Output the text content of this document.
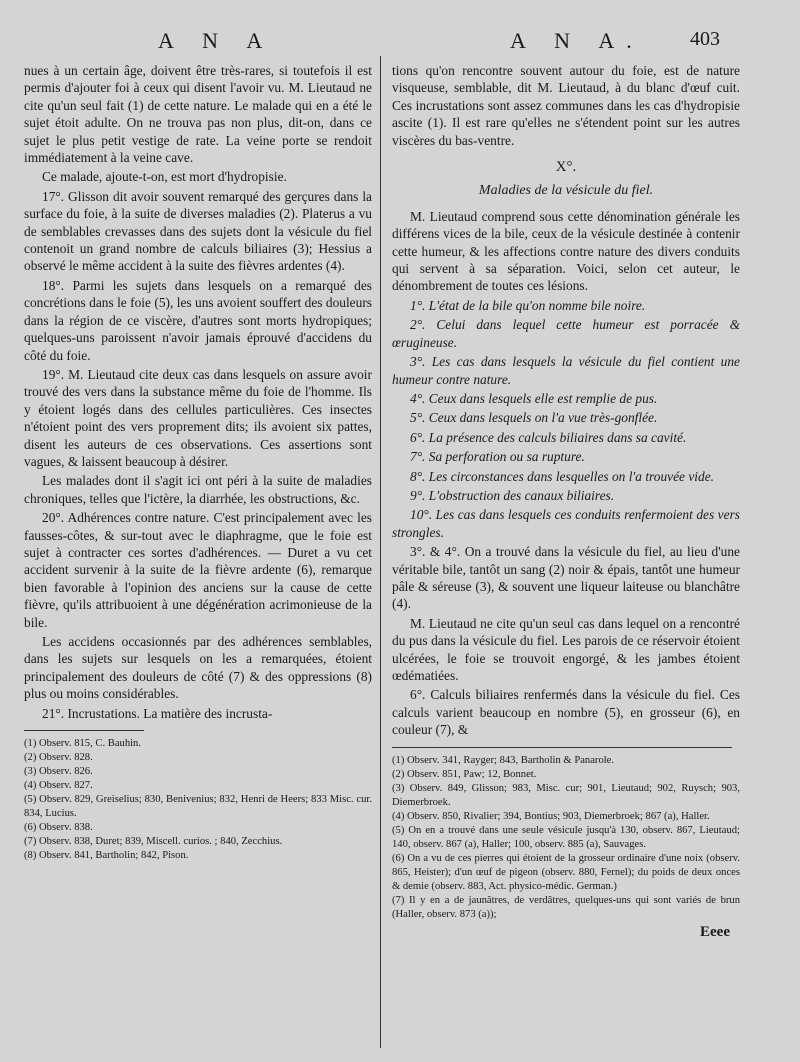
A N A	A N A. 403

nues à un certain âge, doivent être très-rares, si toutefois il est permis d'ajouter foi à ceux qui disent l'avoir vu. M. Lieutaud ne cite qu'un seul fait (1) de cette nature. Le malade qui en a été le sujet étoit adulte. On ne trouva pas non plus, dit-on, dans ce sujet le plus petit vestige de rate. La veine porte se rendoit immédiatement à la veine cave.

Ce malade, ajoute-t-on, est mort d'hydropisie.

17°. Glisson dit avoir souvent remarqué des gerçures dans la surface du foie, à la suite de diverses maladies (2). Platerus a vu de semblables crevasses dans des sujets dont la vésicule du fiel contenoit un grand nombre de calculs biliaires (3); Hessius a observé le même accident à la suite des fièvres ardentes (4).

18°. Parmi les sujets dans lesquels on a remarqué des concrétions dans le foie (5), les uns avoient souffert des douleurs dans la région de ce viscère, d'autres sont morts hydropiques; quelques-uns paroissent n'avoir jamais éprouvé d'accidens du côté du foie.

19°. M. Lieutaud cite deux cas dans lesquels on assure avoir trouvé des vers dans la substance même du foie de l'homme. Ils y étoient logés dans des cellules particulières. Ces insectes n'étoient point des vers proprement dits; ils avoient six pattes, disent les auteurs de ces observations. Ces assertions sont vagues, & laissent beaucoup à désirer.

Les malades dont il s'agit ici ont péri à la suite de maladies chroniques, telles que l'ictère, la diarrhée, les obstructions, &c.

20°. Adhérences contre nature. C'est principalement avec les fausses-côtes, & sur-tout avec le diaphragme, que le foie est sujet à contracter ces sortes d'adhérences. — Duret a vu cet accident survenir à la suite de la fièvre ardente (6), remarque bien favorable à l'opinion des anciens sur la cause de cette fièvre, qu'ils attribuoient à une dégénération acrimonieuse de la bile.

Les accidens occasionnés par des adhérences semblables, dans les sujets sur lesquels on les a remarquées, étoient principalement des douleurs de côté (7) & des oppressions (8) plus ou moins considérables.

21°. Incrustations. La matière des incrusta-

(1) Observ. 815, C. Bauhin.

(2) Observ. 828.

(3) Observ. 826.

(4) Observ. 827.

(5) Observ. 829, Greiselius; 830, Benivenius; 832, Henri de Heers; 833 Misc. cur. 834, Lucius.

(6) Observ. 838.

(7) Observ. 838, Duret; 839, Miscell. curios. ; 840, Zecchius.

(8) Observ. 841, Bartholin; 842, Pison.

tions qu'on rencontre souvent autour du foie, est de nature visqueuse, semblable, dit M. Lieutaud, à du blanc d'œuf cuit. Ces incrustations sont assez communes dans les cas d'hydropisie ascite (1). Il est rare qu'elles ne s'étendent point sur les autres viscères du bas-ventre.

X°.
Maladies de la vésicule du fiel.

M. Lieutaud comprend sous cette dénomination générale les différens vices de la bile, ceux de la vésicule destinée à contenir cette humeur, & les affections contre nature des divers conduits qui servent à sa séparation. Voici, selon cet auteur, le dénombrement de toutes ces lésions.

1°. L'état de la bile qu'on nomme bile noire.

2°. Celui dans lequel cette humeur est porracée & œrugineuse.

3°. Les cas dans lesquels la vésicule du fiel contient une humeur contre nature.

4°. Ceux dans lesquels elle est remplie de pus.

5°. Ceux dans lesquels on l'a vue très-gonflée.

6°. La présence des calculs biliaires dans sa cavité.

7°. Sa perforation ou sa rupture.

8°. Les circonstances dans lesquelles on l'a trouvée vide.

9°. L'obstruction des canaux biliaires.

10°. Les cas dans lesquels ces conduits renfermoient des vers strongles.

3°. & 4°. On a trouvé dans la vésicule du fiel, au lieu d'une véritable bile, tantôt un sang (2) noir & épais, tantôt une humeur pâle & séreuse (3), & souvent une liqueur laiteuse ou blanchâtre (4).

M. Lieutaud ne cite qu'un seul cas dans lequel on a rencontré du pus dans la vésicule du fiel. Les parois de ce réservoir étoient ulcérées, le foie se trouvoit engorgé, & les jambes étoient œdématiées.

6°. Calculs biliaires renfermés dans la vésicule du fiel. Ces calculs varient beaucoup en nombre (5), en grosseur (6), en couleur (7), &

(1) Observ. 341, Rayger; 843, Bartholin & Panarole.

(2) Observ. 851, Paw; 12, Bonnet.

(3) Observ. 849, Glisson; 983, Misc. cur; 901, Lieutaud; 902, Ruysch; 903, Diemerbroek.

(4) Observ. 850, Rivalier; 394, Bontius; 903, Diemerbroek; 867 (a), Haller.

(5) On en a trouvé dans une seule vésicule jusqu'à 130, observ. 867, Lieutaud; 140, observ. 867 (a), Haller; 100, observ. 885 (a), Sauvages.

(6) On a vu de ces pierres qui étoient de la grosseur ordinaire d'une noix (observ. 865, Heister); d'un œuf de pigeon (observ. 880, Fernel); du poids de deux onces & demie (observ. 883, Act. physico-médic. German.)

(7) Il y en a de jaunâtres, de verdâtres, quelques-uns qui sont variés de brun (Haller, observ. 873 (a));

Eeee
